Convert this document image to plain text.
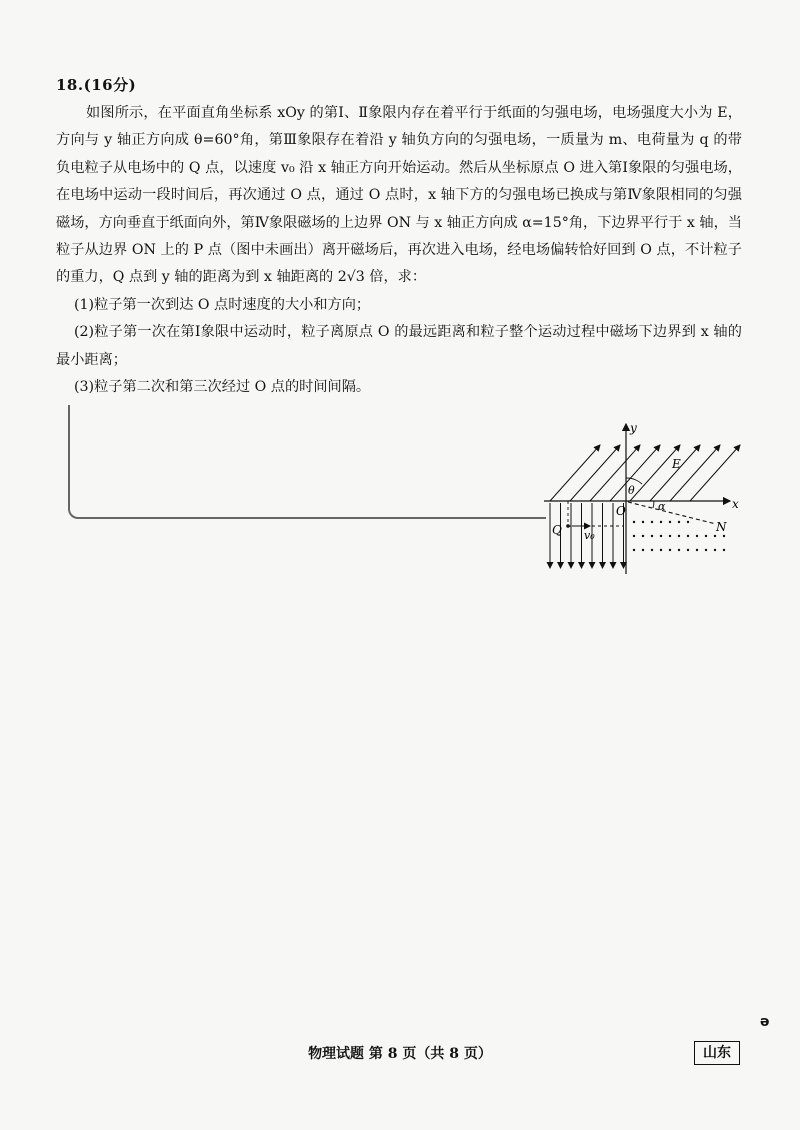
18.(16分)

如图所示，在平面直角坐标系 xOy 的第Ⅰ、Ⅱ象限内存在着平行于纸面的匀强电场，电场强度大小为 E，方向与 y 轴正方向成 θ=60°角，第Ⅲ象限存在着沿 y 轴负方向的匀强电场，一质量为 m、电荷量为 q 的带负电粒子从电场中的 Q 点，以速度 v₀ 沿 x 轴正方向开始运动。然后从坐标原点 O 进入第Ⅰ象限的匀强电场，在电场中运动一段时间后，再次通过 O 点，通过 O 点时，x 轴下方的匀强电场已换成与第Ⅳ象限相同的匀强磁场，方向垂直于纸面向外，第Ⅳ象限磁场的上边界 ON 与 x 轴正方向成 α=15°角，下边界平行于 x 轴，当粒子从边界 ON 上的 P 点（图中未画出）离开磁场后，再次进入电场，经电场偏转恰好回到 O 点，不计粒子的重力，Q 点到 y 轴的距离为到 x 轴距离的 2√3 倍，求：

(1)粒子第一次到达 O 点时速度的大小和方向；

(2)粒子第一次在第Ⅰ象限中运动时，粒子离原点 O 的最远距离和粒子整个运动过程中磁场下边界到 x 轴的最小距离；

(3)粒子第二次和第三次经过 O 点的时间间隔。

y
x
N
α
θ
E
O
Q v₀
物理试题 第 8 页（共 8 页）	山东
ə
